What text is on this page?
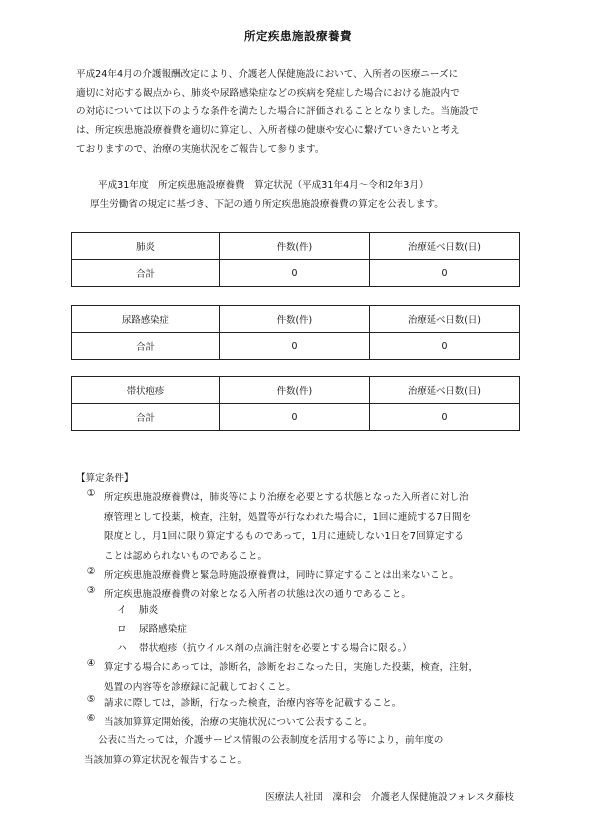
所定疾患施設療養費
平成24年4月の介護報酬改定により、介護老人保健施設において、入所者の医療ニーズに
適切に対応する観点から、肺炎や尿路感染症などの疾病を発症した場合における施設内で
の対応については以下のような条件を満たした場合に評価されることとなりました。当施設で
は、所定疾患施設療養費を適切に算定し、入所者様の健康や安心に繋げていきたいと考え
ておりますので、治療の実施状況をご報告して参ります。
平成31年度　所定疾患施設療養費　算定状況（平成31年4月～令和2年3月）
厚生労働省の規定に基づき、下記の通り所定疾患施設療養費の算定を公表します。
肺炎	件数(件)	治療延べ日数(日)
合計	0	0
尿路感染症	件数(件)	治療延べ日数(日)
合計	0	0
帯状疱疹	件数(件)	治療延べ日数(日)
合計	0	0
【算定条件】
① 所定疾患施設療養費は，肺炎等により治療を必要とする状態となった入所者に対し治
療管理として投薬，検査，注射，処置等が行なわれた場合に，1回に連続する7日間を
限度とし，月1回に限り算定するものであって，1月に連続しない1日を7回算定する
ことは認められないものであること。
② 所定疾患施設療養費と緊急時施設療養費は，同時に算定することは出来ないこと。
③ 所定疾患施設療養費の対象となる入所者の状態は次の通りであること。
イ 肺炎
ロ 尿路感染症
ハ 帯状疱疹（抗ウイルス剤の点滴注射を必要とする場合に限る。）
④ 算定する場合にあっては，診断名，診断をおこなった日，実施した投薬，検査，注射，
処置の内容等を診療録に記載しておくこと。
⑤ 請求に際しては，診断，行なった検査，治療内容等を記載すること。
⑥ 当該加算算定開始後，治療の実施状況について公表すること。
公表に当たっては，介護サービス情報の公表制度を活用する等により，前年度の
当該加算の算定状況を報告すること。
医療法人社団　凜和会　介護老人保健施設フォレスタ藤枝
